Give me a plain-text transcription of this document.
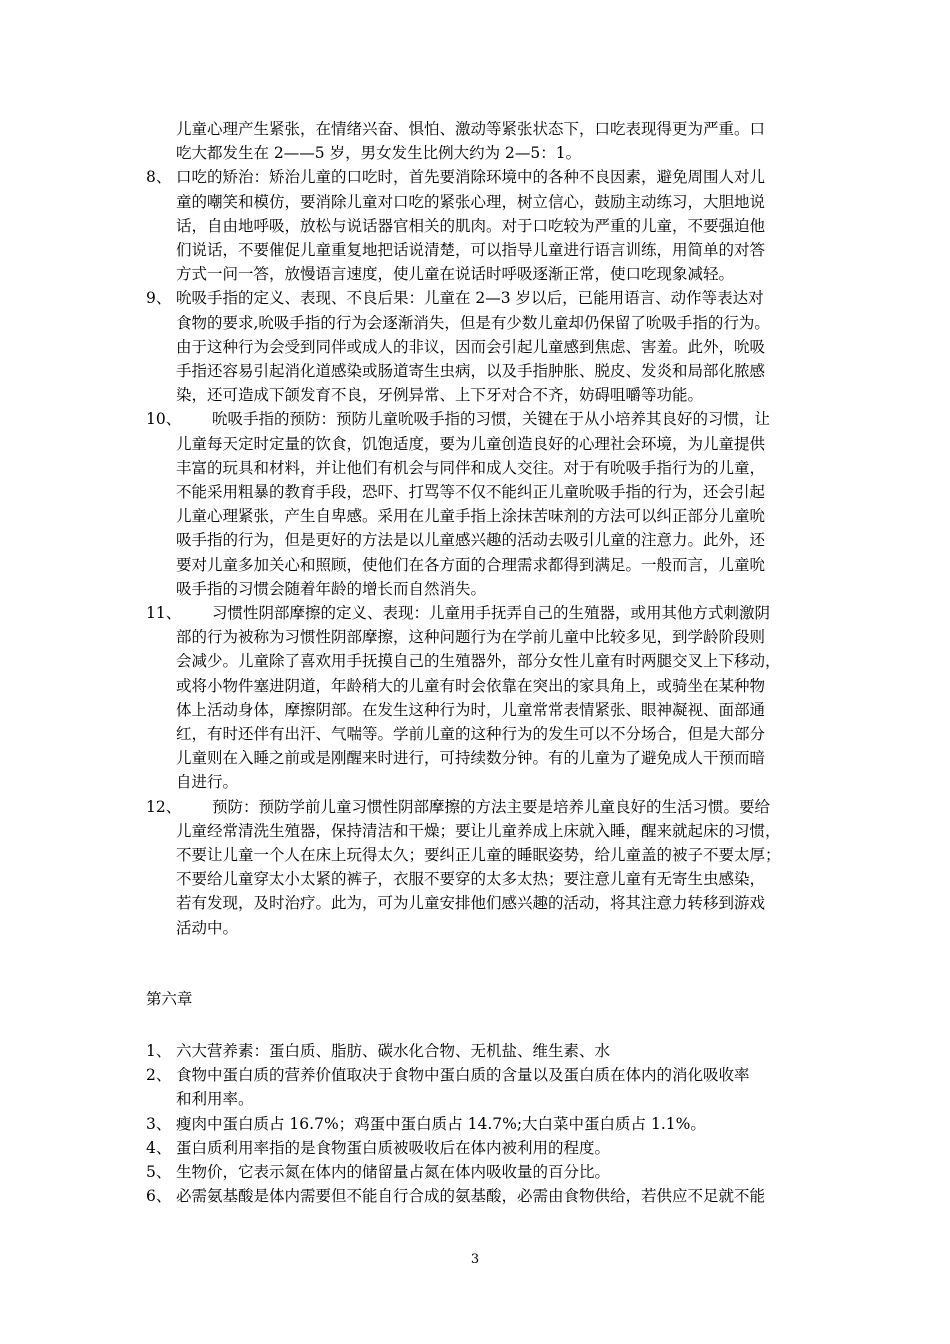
儿童心理产生紧张，在情绪兴奋、惧怕、激动等紧张状态下，口吃表现得更为严重。口
吃大都发生在 2——5 岁，男女发生比例大约为 2—5：1。
8、 口吃的矫治：矫治儿童的口吃时，首先要消除环境中的各种不良因素，避免周围人对儿
童的嘲笑和模仿，要消除儿童对口吃的紧张心理，树立信心，鼓励主动练习，大胆地说
话，自由地呼吸，放松与说话器官相关的肌肉。对于口吃较为严重的儿童，不要强迫他
们说话，不要催促儿童重复地把话说清楚，可以指导儿童进行语言训练，用简单的对答
方式一问一答，放慢语言速度，使儿童在说话时呼吸逐渐正常，使口吃现象减轻。
9、 吮吸手指的定义、表现、不良后果：儿童在 2—3 岁以后，已能用语言、动作等表达对
食物的要求,吮吸手指的行为会逐渐消失，但是有少数儿童却仍保留了吮吸手指的行为。
由于这种行为会受到同伴或成人的非议，因而会引起儿童感到焦虑、害羞。此外，吮吸
手指还容易引起消化道感染或肠道寄生虫病，以及手指肿胀、脱皮、发炎和局部化脓感
染，还可造成下颌发育不良，牙例异常、上下牙对合不齐，妨碍咀嚼等功能。
10、 吮吸手指的预防：预防儿童吮吸手指的习惯，关键在于从小培养其良好的习惯，让
儿童每天定时定量的饮食，饥饱适度，要为儿童创造良好的心理社会环境，为儿童提供
丰富的玩具和材料，并让他们有机会与同伴和成人交往。对于有吮吸手指行为的儿童，
不能采用粗暴的教育手段，恐吓、打骂等不仅不能纠正儿童吮吸手指的行为，还会引起
儿童心理紧张，产生自卑感。采用在儿童手指上涂抹苦味剂的方法可以纠正部分儿童吮
吸手指的行为，但是更好的方法是以儿童感兴趣的活动去吸引儿童的注意力。此外，还
要对儿童多加关心和照顾，使他们在各方面的合理需求都得到满足。一般而言，儿童吮
吸手指的习惯会随着年龄的增长而自然消失。
11、 习惯性阴部摩擦的定义、表现：儿童用手抚弄自己的生殖器，或用其他方式刺激阴
部的行为被称为习惯性阴部摩擦，这种问题行为在学前儿童中比较多见，到学龄阶段则
会减少。儿童除了喜欢用手抚摸自己的生殖器外，部分女性儿童有时两腿交叉上下移动，
或将小物件塞进阴道，年龄稍大的儿童有时会依靠在突出的家具角上，或骑坐在某种物
体上活动身体，摩擦阴部。在发生这种行为时，儿童常常表情紧张、眼神凝视、面部通
红，有时还伴有出汗、气喘等。学前儿童的这种行为的发生可以不分场合，但是大部分
儿童则在入睡之前或是刚醒来时进行，可持续数分钟。有的儿童为了避免成人干预而暗
自进行。
12、 预防：预防学前儿童习惯性阴部摩擦的方法主要是培养儿童良好的生活习惯。要给
儿童经常清洗生殖器，保持清洁和干燥；要让儿童养成上床就入睡，醒来就起床的习惯，
不要让儿童一个人在床上玩得太久；要纠正儿童的睡眠姿势，给儿童盖的被子不要太厚；
不要给儿童穿太小太紧的裤子，衣服不要穿的太多太热；要注意儿童有无寄生虫感染，
若有发现，及时治疗。此为，可为儿童安排他们感兴趣的活动，将其注意力转移到游戏
活动中。
第六章
1、 六大营养素：蛋白质、脂肪、碳水化合物、无机盐、维生素、水
2、 食物中蛋白质的营养价值取决于食物中蛋白质的含量以及蛋白质在体内的消化吸收率
和利用率。
3、 瘦肉中蛋白质占 16.7%；鸡蛋中蛋白质占 14.7%;大白菜中蛋白质占 1.1%。
4、 蛋白质利用率指的是食物蛋白质被吸收后在体内被利用的程度。
5、 生物价，它表示氮在体内的储留量占氮在体内吸收量的百分比。
6、 必需氨基酸是体内需要但不能自行合成的氨基酸，必需由食物供给，若供应不足就不能
3
